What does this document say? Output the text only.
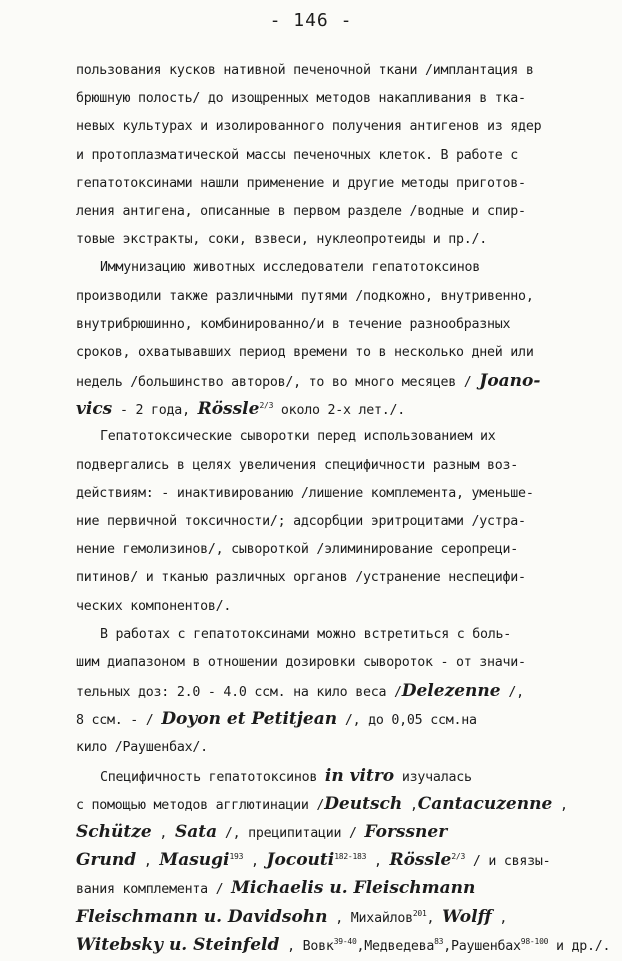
- 146 -
пользования кусков нативной печеночной ткани /имплантация в
брюшную полость/ до изощренных методов накапливания в тка-
невых культурах и изолированного получения антигенов из ядер
и протоплазматической массы печеночных клеток. В работе с
гепатотоксинами нашли применение и другие методы приготов-
ления антигена, описанные в первом разделе /водные и спир-
товые экстракты, соки, взвеси, нуклеопротеиды и пр./.
Иммунизацию животных исследователи гепатотоксинов
производили также различными путями /подкожно, внутривенно,
внутрибрюшинно, комбинированно/и в течение разнообразных
сроков, охватывавших период времени то в несколько дней или
недель /большинство авторов/, то во много месяцев / Joano-
vics - 2 года, Rössle$^{2/3}$ около 2-х лет./.
Гепатотоксические сыворотки перед использованием их
подвергались в целях увеличения специфичности разным воз-
действиям: - инактивированию /лишение комплемента, уменьше-
ние первичной токсичности/; адсорбции эритроцитами /устра-
нение гемолизинов/, сывороткой /элиминирование серопреци-
питинов/ и тканью различных органов /устранение неспецифи-
ческих компонентов/.
В работах с гепатотоксинами можно встретиться с боль-
шим диапазоном в отношении дозировки сывороток - от значи-
тельных доз: 2.0 - 4.0 ссм. на кило веса /Delezenne /,
8 ссм. - / Doyon et Petitjean /, до 0,05 ссм.на
кило /Раушенбах/.
Специфичность гепатотоксинов in vitro изучалась
с помощью методов агглютинации /Deutsch ,Cantacuzenne ,
Schütze , Sata /, преципитации / Forssner
Grund , Masugi$^{193}$ , Jocouti$^{182-183}$ , Rössle$^{2/3}$ / и связы-
вания комплемента / Michaelis u. Fleischmann
Fleischmann u. Davidsohn , Михайлов$^{201}$, Wolff ,
Witebsky u. Steinfeld , Вовк$^{39-40}$,Медведева$^{83}$,Раушенбах$^{98-100}$ и др./.
